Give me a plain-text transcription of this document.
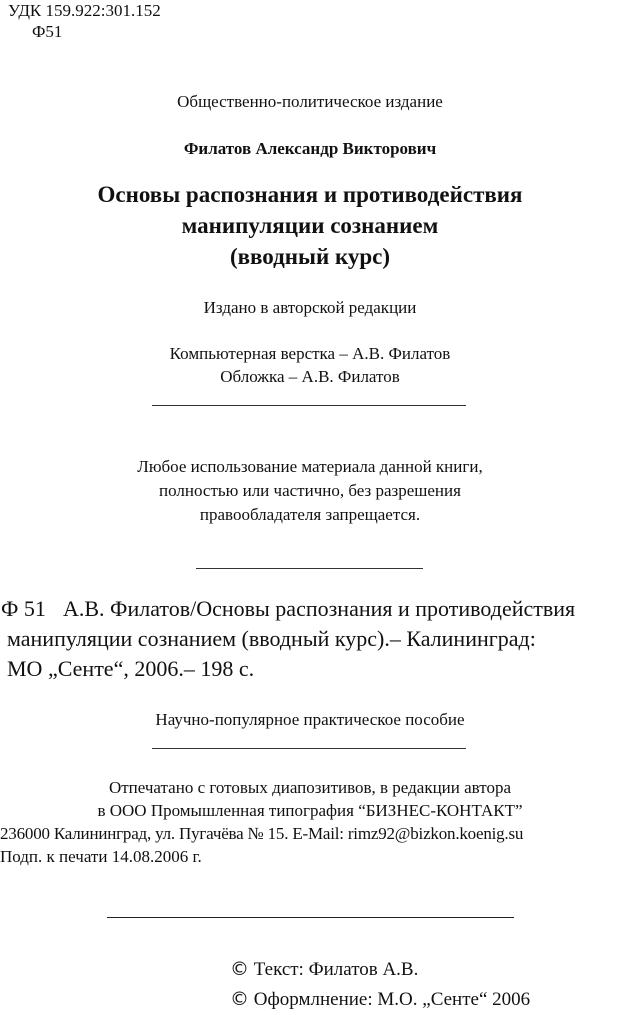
УДК 159.922:301.152
Ф51
Общественно-политическое издание
Филатов Александр Викторович
Основы распознания и противодействия
манипуляции сознанием
(вводный курс)
Издано в авторской редакции
Компьютерная верстка – А.В. Филатов
Обложка – А.В. Филатов
Любое использование материала данной книги,
полностью или частично, без разрешения
правообладателя запрещается.
Ф 51 А.В. Филатов/Основы распознания и противодействия
манипуляции сознанием (вводный курс).– Калининград:
МО „Сенте“, 2006.– 198 с.
Научно-популярное практическое пособие
Отпечатано с готовых диапозитивов, в редакции автора
в ООО Промышленная типография “БИЗНЕС-КОНТАКТ”
236000 Калининград, ул. Пугачёва № 15. E-Mail: rimz92@bizkon.koenig.su
Подп. к печати 14.08.2006 г.
© Текст: Филатов А.В.
© Оформлнение: М.О. „Сенте“ 2006
